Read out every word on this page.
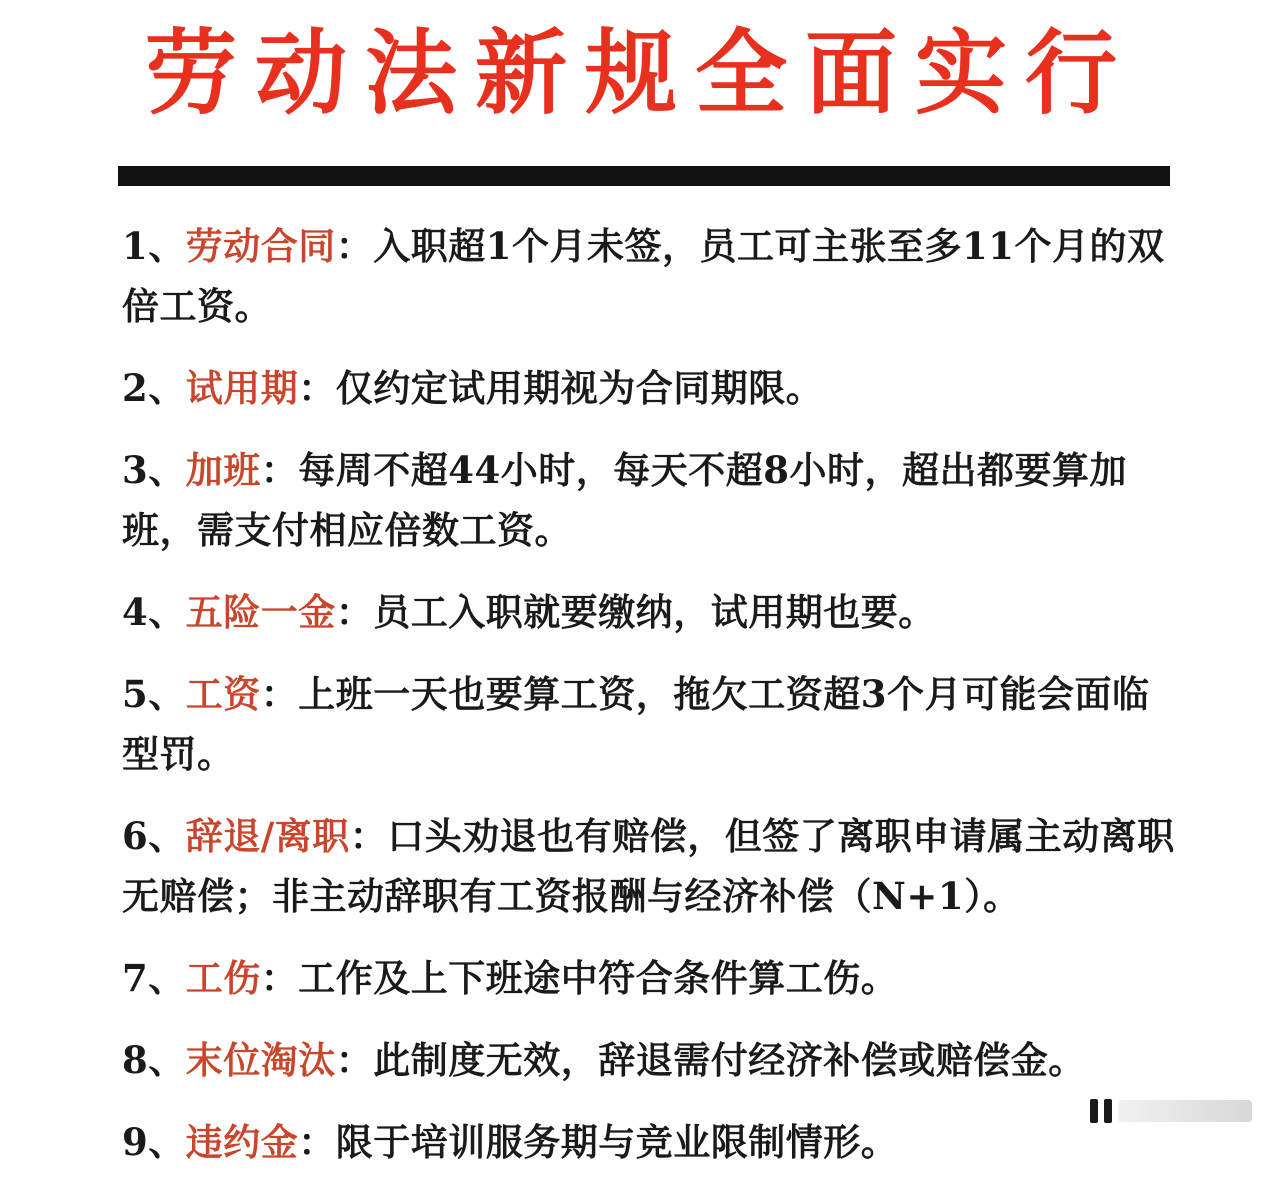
劳动法新规全面实行
1、劳动合同：入职超1个月未签，员工可主张至多11个月的双倍工资。
2、试用期：仅约定试用期视为合同期限。
3、加班：每周不超44小时，每天不超8小时，超出都要算加班，需支付相应倍数工资。
4、五险一金：员工入职就要缴纳，试用期也要。
5、工资：上班一天也要算工资，拖欠工资超3个月可能会面临型罚。
6、辞退/离职：口头劝退也有赔偿，但签了离职申请属主动离职无赔偿；非主动辞职有工资报酬与经济补偿（N+1）。
7、工伤：工作及上下班途中符合条件算工伤。
8、末位淘汰：此制度无效，辞退需付经济补偿或赔偿金。
9、违约金：限于培训服务期与竞业限制情形。
